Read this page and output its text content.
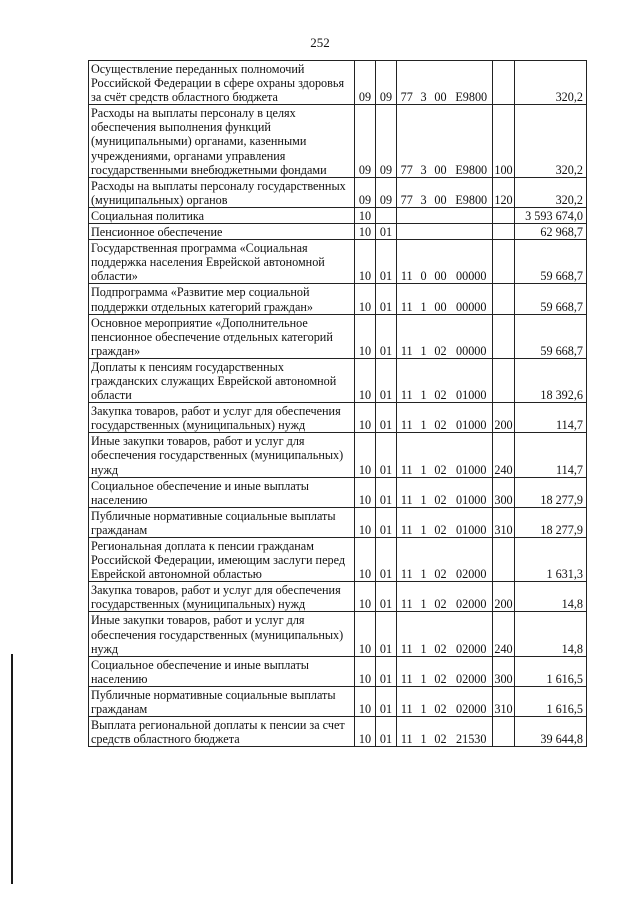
252
Осуществление переданных полномочий Российской Федерации в сфере охраны здоровья за счёт средств областного бюджета	09	09	77	3	00	Е9800		320,2
Расходы на выплаты персоналу в целях обеспечения выполнения функций (муниципальными) органами, казенными учреждениями, органами управления государственными внебюджетными фондами	09	09	77	3	00	Е9800	100	320,2
Расходы на выплаты персоналу государственных (муниципальных) органов	09	09	77	3	00	Е9800	120	320,2
Социальная политика	10							3 593 674,0
Пенсионное обеспечение	10	01						62 968,7
Государственная программа «Социальная поддержка населения Еврейской автономной области»	10	01	11	0	00	00000		59 668,7
Подпрограмма «Развитие мер социальной поддержки отдельных категорий граждан»	10	01	11	1	00	00000		59 668,7
Основное мероприятие «Дополнительное пенсионное обеспечение отдельных категорий граждан»	10	01	11	1	02	00000		59 668,7
Доплаты к пенсиям государственных гражданских служащих Еврейской автономной области	10	01	11	1	02	01000		18 392,6
Закупка товаров, работ и услуг для обеспечения государственных (муниципальных) нужд	10	01	11	1	02	01000	200	114,7
Иные закупки товаров, работ и услуг для обеспечения государственных (муниципальных) нужд	10	01	11	1	02	01000	240	114,7
Социальное обеспечение и иные выплаты населению	10	01	11	1	02	01000	300	18 277,9
Публичные нормативные социальные выплаты гражданам	10	01	11	1	02	01000	310	18 277,9
Региональная доплата к пенсии гражданам Российской Федерации, имеющим заслуги перед Еврейской автономной областью	10	01	11	1	02	02000		1 631,3
Закупка товаров, работ и услуг для обеспечения государственных (муниципальных) нужд	10	01	11	1	02	02000	200	14,8
Иные закупки товаров, работ и услуг для обеспечения государственных (муниципальных) нужд	10	01	11	1	02	02000	240	14,8
Социальное обеспечение и иные выплаты населению	10	01	11	1	02	02000	300	1 616,5
Публичные нормативные социальные выплаты гражданам	10	01	11	1	02	02000	310	1 616,5
Выплата региональной доплаты к пенсии за счет средств областного бюджета	10	01	11	1	02	21530		39 644,8
